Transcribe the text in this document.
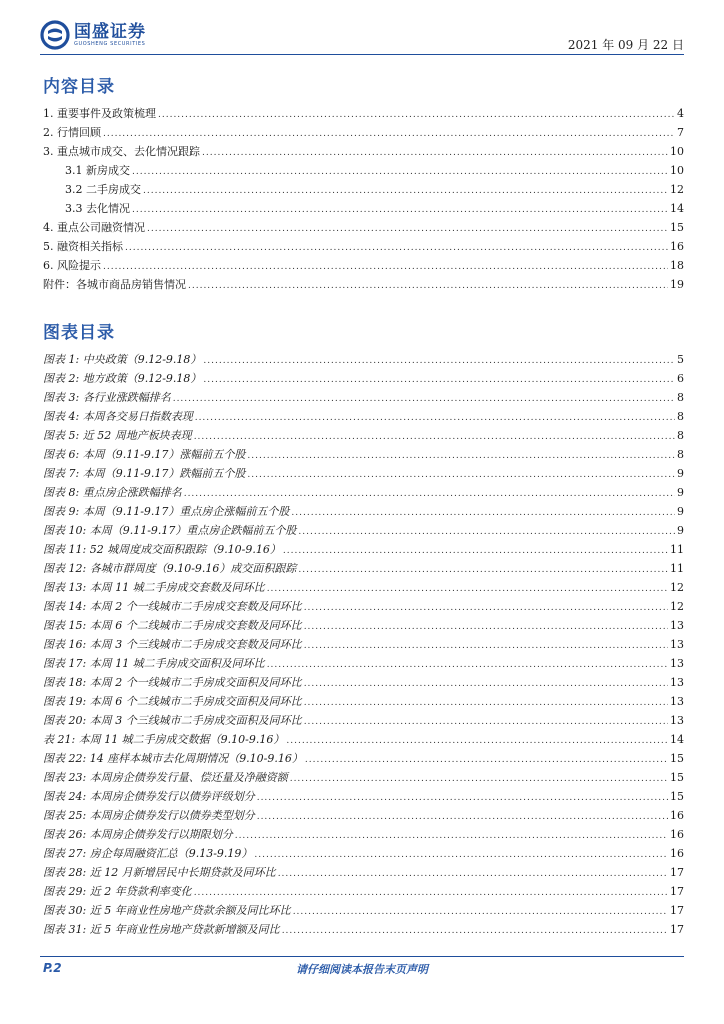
国盛证券
GUOSHENG SECURITIES	2021 年 09 月 22 日
内容目录
1. 重要事件及政策梳理 .....	4
2. 行情回顾 .....	7
3. 重点城市成交、去化情况跟踪 .....	10
3.1 新房成交 .....	10
3.2 二手房成交 .....	12
3.3 去化情况 .....	14
4. 重点公司融资情况 .....	15
5. 融资相关指标 .....	16
6. 风险提示 .....	18
附件：各城市商品房销售情况 .....	19
图表目录
图表 1: 中央政策（9.12-9.18） .....	5
图表 2: 地方政策（9.12-9.18） .....	6
图表 3: 各行业涨跌幅排名 .....	8
图表 4: 本周各交易日指数表现 .....	8
图表 5: 近 52 周地产板块表现 .....	8
图表 6: 本周（9.11-9.17）涨幅前五个股 .....	8
图表 7: 本周（9.11-9.17）跌幅前五个股 .....	9
图表 8: 重点房企涨跌幅排名 .....	9
图表 9: 本周（9.11-9.17）重点房企涨幅前五个股 .....	9
图表 10: 本周（9.11-9.17）重点房企跌幅前五个股 .....	9
图表 11: 52 城周度成交面积跟踪（9.10-9.16） .....	11
图表 12: 各城市群周度（9.10-9.16）成交面积跟踪 .....	11
图表 13: 本周 11 城二手房成交套数及同环比 .....	12
图表 14: 本周 2 个一线城市二手房成交套数及同环比 .....	12
图表 15: 本周 6 个二线城市二手房成交套数及同环比 .....	13
图表 16: 本周 3 个三线城市二手房成交套数及同环比 .....	13
图表 17: 本周 11 城二手房成交面积及同环比 .....	13
图表 18: 本周 2 个一线城市二手房成交面积及同环比 .....	13
图表 19: 本周 6 个二线城市二手房成交面积及同环比 .....	13
图表 20: 本周 3 个三线城市二手房成交面积及同环比 .....	13
表 21: 本周 11 城二手房成交数据（9.10-9.16） .....	14
图表 22: 14 座样本城市去化周期情况（9.10-9.16） .....	15
图表 23: 本周房企债券发行量、偿还量及净融资额 .....	15
图表 24: 本周房企债券发行以债券评级划分 .....	15
图表 25: 本周房企债券发行以债券类型划分 .....	16
图表 26: 本周房企债券发行以期限划分 .....	16
图表 27: 房企每周融资汇总（9.13-9.19） .....	16
图表 28: 近 12 月新增居民中长期贷款及同环比 .....	17
图表 29: 近 2 年贷款利率变化 .....	17
图表 30: 近 5 年商业性房地产贷款余额及同比环比 .....	17
图表 31: 近 5 年商业性房地产贷款新增额及同比 .....	17
P.2	请仔细阅读本报告末页声明
